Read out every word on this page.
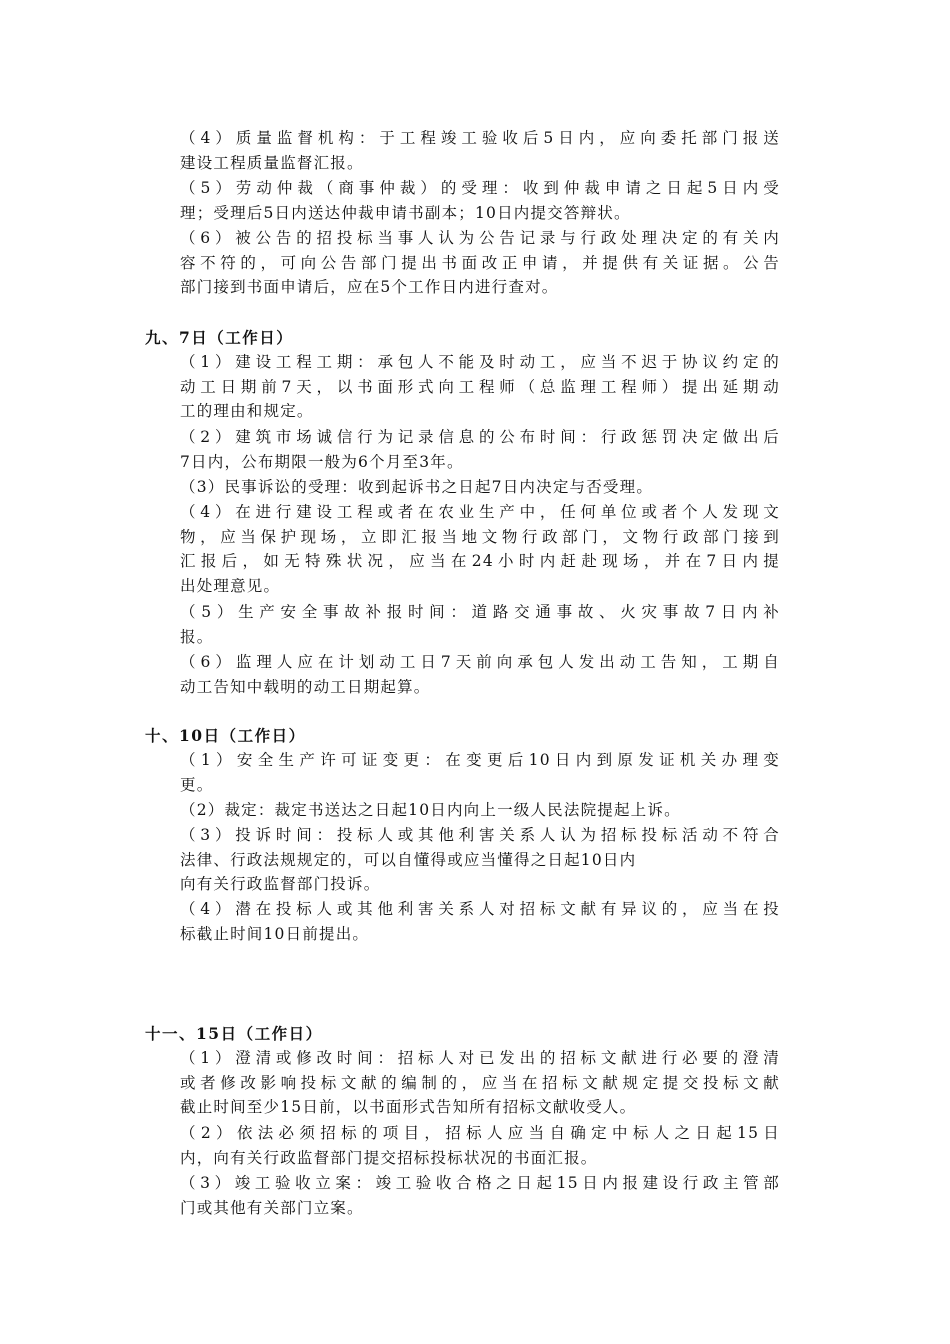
（4）质量监督机构：于工程竣工验收后5日内，应向委托部门报送
建设工程质量监督汇报。
（5）劳动仲裁（商事仲裁）的受理：收到仲裁申请之日起5日内受
理；受理后5日内送达仲裁申请书副本；10日内提交答辩状。
（6）被公告的招投标当事人认为公告记录与行政处理决定的有关内
容不符的，可向公告部门提出书面改正申请，并提供有关证据。公告
部门接到书面申请后，应在5个工作日内进行查对。
九、7日（工作日）
（1）建设工程工期：承包人不能及时动工，应当不迟于协议约定的
动工日期前7天，以书面形式向工程师（总监理工程师）提出延期动
工的理由和规定。
（2）建筑市场诚信行为记录信息的公布时间：行政惩罚决定做出后
7日内，公布期限一般为6个月至3年。
（3）民事诉讼的受理：收到起诉书之日起7日内决定与否受理。
（4）在进行建设工程或者在农业生产中，任何单位或者个人发现文
物，应当保护现场，立即汇报当地文物行政部门，文物行政部门接到
汇报后，如无特殊状况，应当在24小时内赶赴现场，并在7日内提
出处理意见。
（5）生产安全事故补报时间：道路交通事故、火灾事故7日内补
报。
（6）监理人应在计划动工日7天前向承包人发出动工告知，工期自
动工告知中载明的动工日期起算。
十、10日（工作日）
（1）安全生产许可证变更：在变更后10日内到原发证机关办理变
更。
（2）裁定：裁定书送达之日起10日内向上一级人民法院提起上诉。
（3）投诉时间：投标人或其他利害关系人认为招标投标活动不符合
法律、行政法规规定的，可以自懂得或应当懂得之日起10日内
向有关行政监督部门投诉。
（4）潜在投标人或其他利害关系人对招标文献有异议的，应当在投
标截止时间10日前提出。
十一、15日（工作日）
（1）澄清或修改时间：招标人对已发出的招标文献进行必要的澄清
或者修改影响投标文献的编制的，应当在招标文献规定提交投标文献
截止时间至少15日前，以书面形式告知所有招标文献收受人。
（2）依法必须招标的项目，招标人应当自确定中标人之日起15日
内，向有关行政监督部门提交招标投标状况的书面汇报。
（3）竣工验收立案：竣工验收合格之日起15日内报建设行政主管部
门或其他有关部门立案。
